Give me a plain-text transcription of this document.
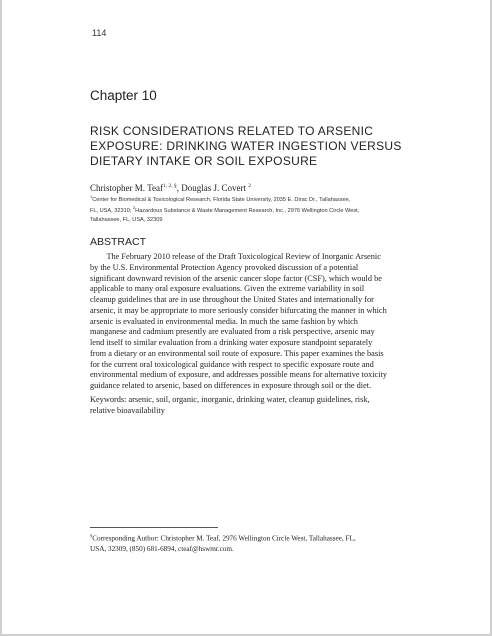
114
Chapter 10
RISK CONSIDERATIONS RELATED TO ARSENIC
EXPOSURE: DRINKING WATER INGESTION VERSUS
DIETARY INTAKE OR SOIL EXPOSURE
Christopher M. Teaf$^{1, 2, \S}$, Douglas J. Covert $^2$
$^1$Center for Biomedical & Toxicological Research, Florida State University, 2035 E. Dirac Dr., Tallahassee,
FL, USA, 32310; $^2$Hazardous Substance & Waste Management Research, Inc., 2976 Wellington Circle West,
Tallahassee, FL, USA, 32309
ABSTRACT
The February 2010 release of the Draft Toxicological Review of Inorganic Arsenic
by the U.S. Environmental Protection Agency provoked discussion of a potential
significant downward revision of the arsenic cancer slope factor (CSF), which would be
applicable to many oral exposure evaluations. Given the extreme variability in soil
cleanup guidelines that are in use throughout the United States and internationally for
arsenic, it may be appropriate to more seriously consider bifurcating the manner in which
arsenic is evaluated in environmental media. In much the same fashion by which
manganese and cadmium presently are evaluated from a risk perspective, arsenic may
lend itself to similar evaluation from a drinking water exposure standpoint separately
from a dietary or an environmental soil route of exposure. This paper examines the basis
for the current oral toxicological guidance with respect to specific exposure route and
environmental medium of exposure, and addresses possible means for alternative toxicity
guidance related to arsenic, based on differences in exposure through soil or the diet.
Keywords: arsenic, soil, organic, inorganic, drinking water, cleanup guidelines, risk,
relative bioavailability
§Corresponding Author: Christopher M. Teaf, 2976 Wellington Circle West, Tallahassee, FL,
USA, 32309, (850) 681-6894, cteaf@hswmr.com.
